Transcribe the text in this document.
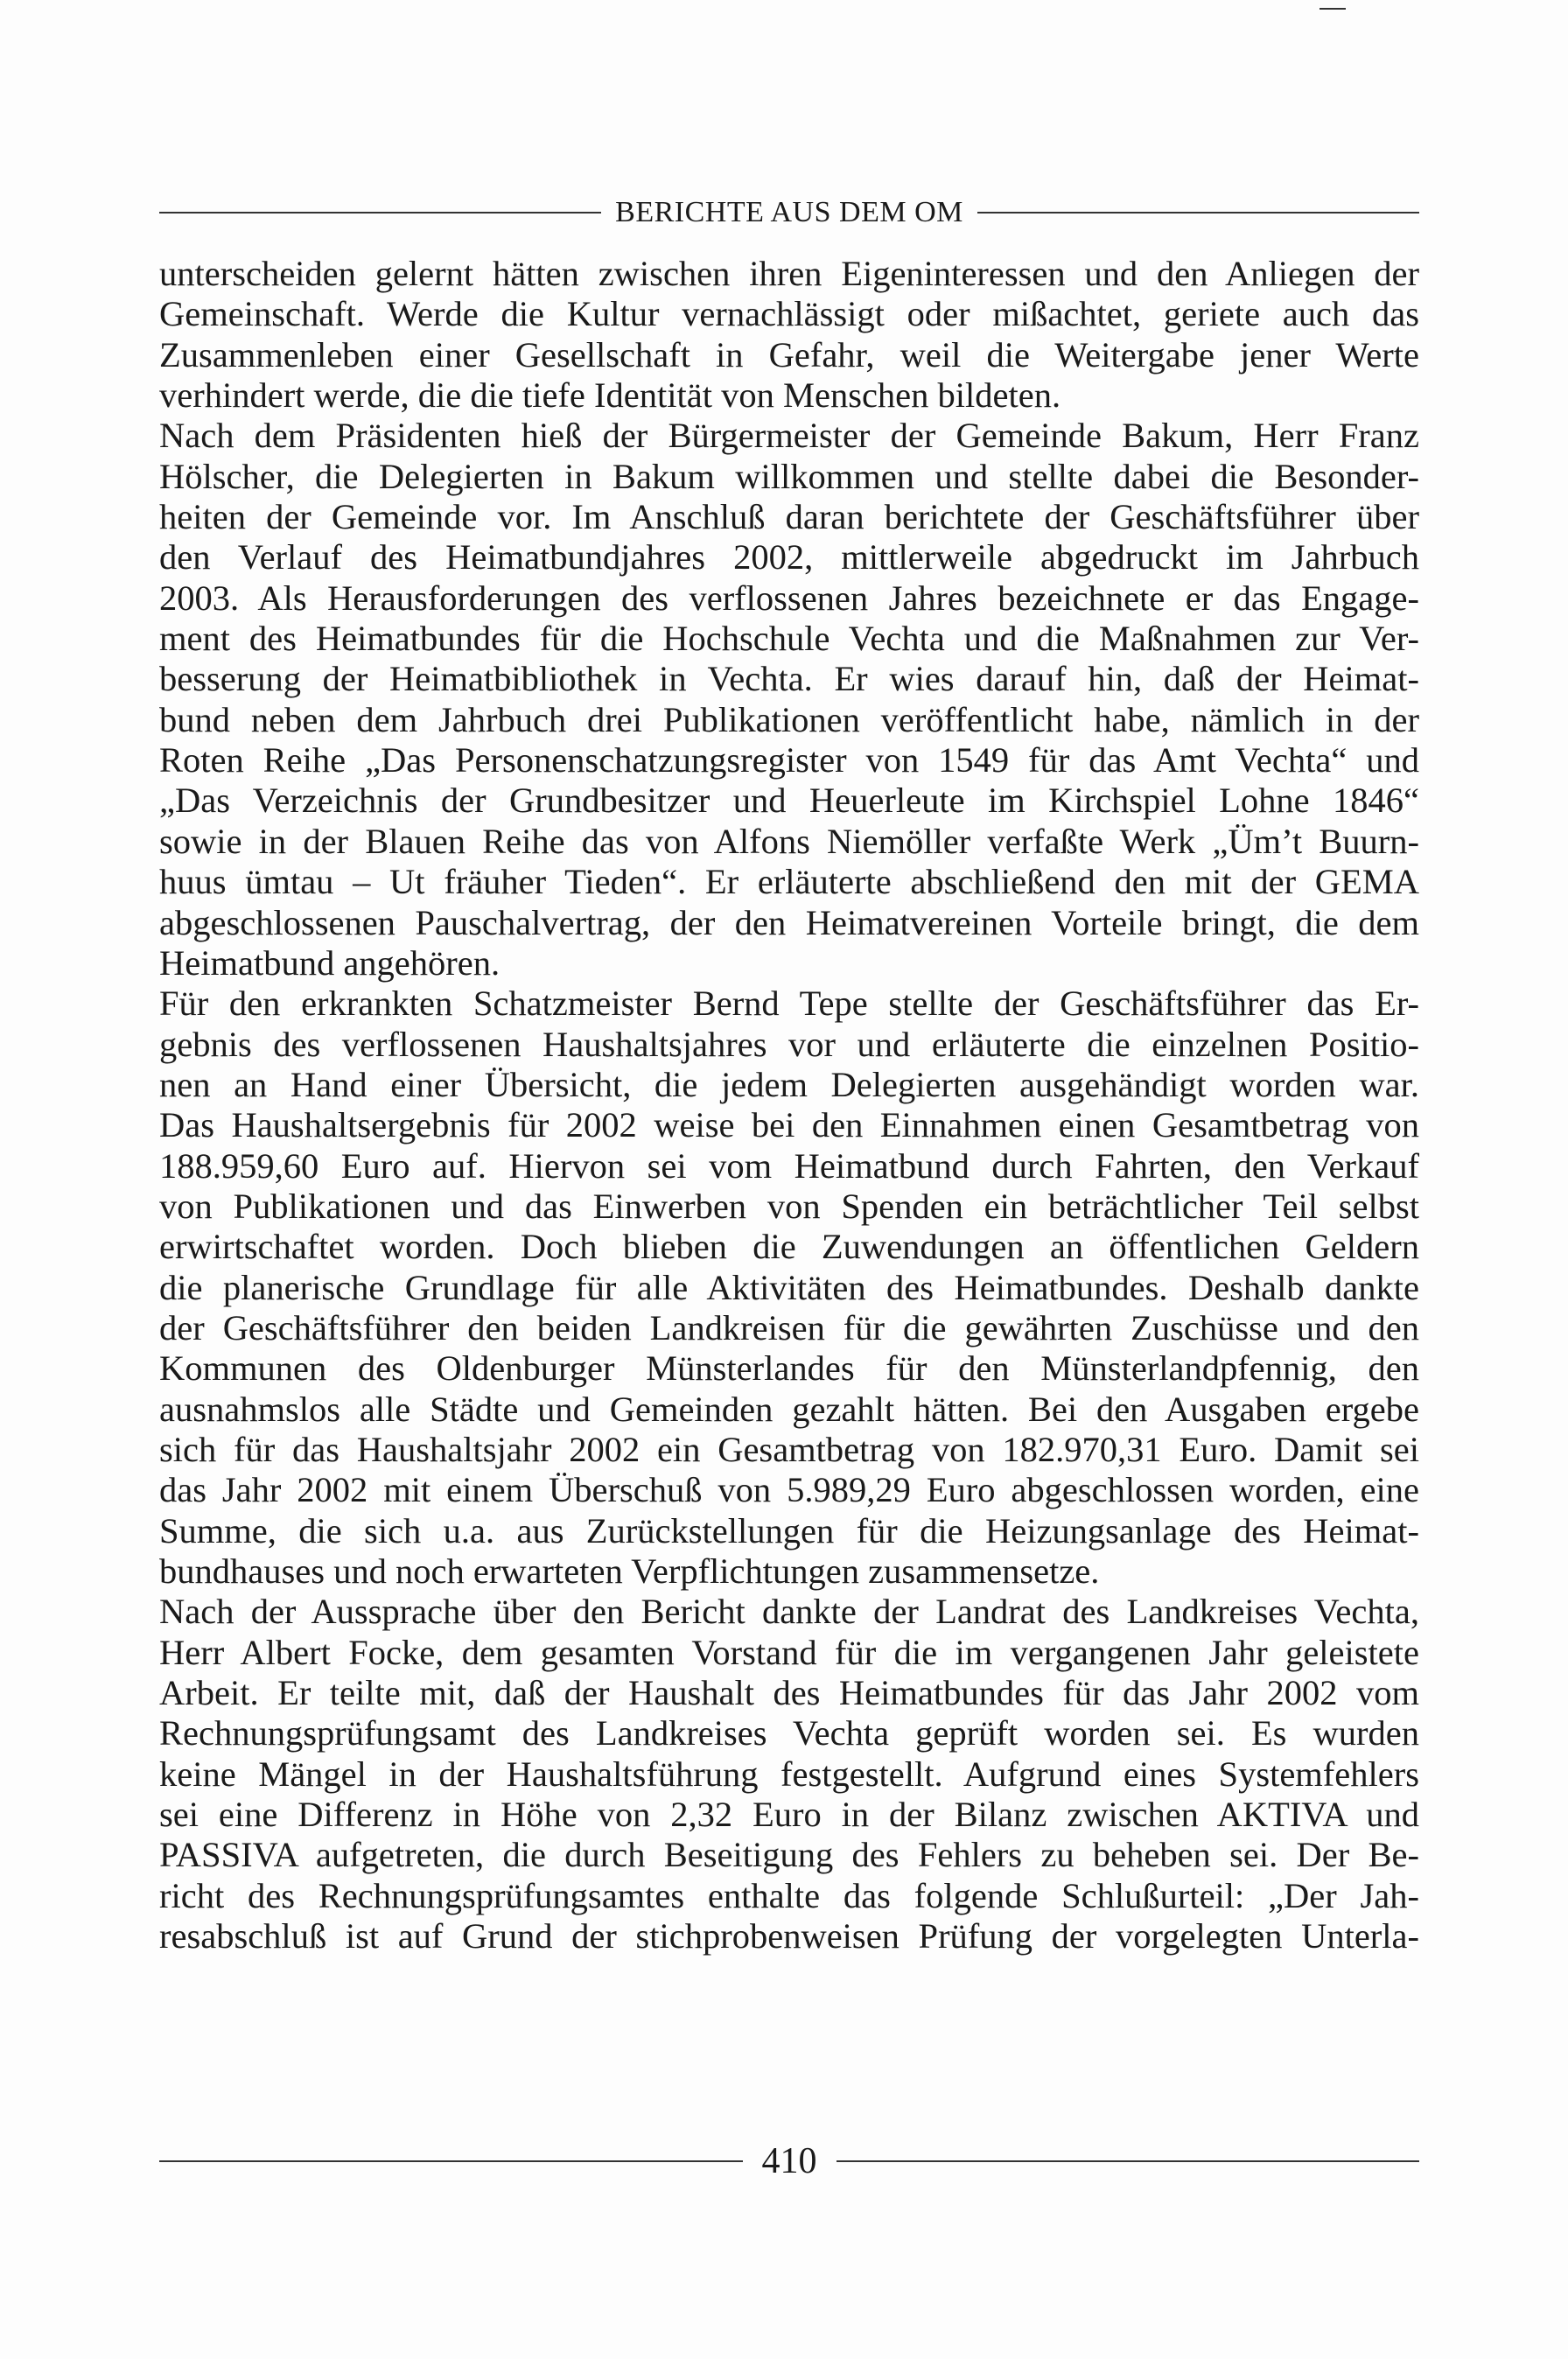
BERICHTE AUS DEM OM
unterscheiden gelernt hätten zwischen ihren Eigeninteressen und den Anliegen der
Gemeinschaft. Werde die Kultur vernachlässigt oder mißachtet, geriete auch das
Zusammenleben einer Gesellschaft in Gefahr, weil die Weitergabe jener Werte
verhindert werde, die die tiefe Identität von Menschen bildeten.
Nach dem Präsidenten hieß der Bürgermeister der Gemeinde Bakum, Herr Franz
Hölscher, die Delegierten in Bakum willkommen und stellte dabei die Besonder-
heiten der Gemeinde vor. Im Anschluß daran berichtete der Geschäftsführer über
den Verlauf des Heimatbundjahres 2002, mittlerweile abgedruckt im Jahrbuch
2003. Als Herausforderungen des verflossenen Jahres bezeichnete er das Engage-
ment des Heimatbundes für die Hochschule Vechta und die Maßnahmen zur Ver-
besserung der Heimatbibliothek in Vechta. Er wies darauf hin, daß der Heimat-
bund neben dem Jahrbuch drei Publikationen veröffentlicht habe, nämlich in der
Roten Reihe „Das Personenschatzungsregister von 1549 für das Amt Vechta“ und
„Das Verzeichnis der Grundbesitzer und Heuerleute im Kirchspiel Lohne 1846“
sowie in der Blauen Reihe das von Alfons Niemöller verfaßte Werk „Üm’t Buurn-
huus ümtau – Ut fräuher Tieden“. Er erläuterte abschließend den mit der GEMA
abgeschlossenen Pauschalvertrag, der den Heimatvereinen Vorteile bringt, die dem
Heimatbund angehören.
Für den erkrankten Schatzmeister Bernd Tepe stellte der Geschäftsführer das Er-
gebnis des verflossenen Haushaltsjahres vor und erläuterte die einzelnen Positio-
nen an Hand einer Übersicht, die jedem Delegierten ausgehändigt worden war.
Das Haushaltsergebnis für 2002 weise bei den Einnahmen einen Gesamtbetrag von
188.959,60 Euro auf. Hiervon sei vom Heimatbund durch Fahrten, den Verkauf
von Publikationen und das Einwerben von Spenden ein beträchtlicher Teil selbst
erwirtschaftet worden. Doch blieben die Zuwendungen an öffentlichen Geldern
die planerische Grundlage für alle Aktivitäten des Heimatbundes. Deshalb dankte
der Geschäftsführer den beiden Landkreisen für die gewährten Zuschüsse und den
Kommunen des Oldenburger Münsterlandes für den Münsterlandpfennig, den
ausnahmslos alle Städte und Gemeinden gezahlt hätten. Bei den Ausgaben ergebe
sich für das Haushaltsjahr 2002 ein Gesamtbetrag von 182.970,31 Euro. Damit sei
das Jahr 2002 mit einem Überschuß von 5.989,29 Euro abgeschlossen worden, eine
Summe, die sich u.a. aus Zurückstellungen für die Heizungsanlage des Heimat-
bundhauses und noch erwarteten Verpflichtungen zusammensetze.
Nach der Aussprache über den Bericht dankte der Landrat des Landkreises Vechta,
Herr Albert Focke, dem gesamten Vorstand für die im vergangenen Jahr geleistete
Arbeit. Er teilte mit, daß der Haushalt des Heimatbundes für das Jahr 2002 vom
Rechnungsprüfungsamt des Landkreises Vechta geprüft worden sei. Es wurden
keine Mängel in der Haushaltsführung festgestellt. Aufgrund eines Systemfehlers
sei eine Differenz in Höhe von 2,32 Euro in der Bilanz zwischen AKTIVA und
PASSIVA aufgetreten, die durch Beseitigung des Fehlers zu beheben sei. Der Be-
richt des Rechnungsprüfungsamtes enthalte das folgende Schlußurteil: „Der Jah-
resabschluß ist auf Grund der stichprobenweisen Prüfung der vorgelegten Unterla-
410
